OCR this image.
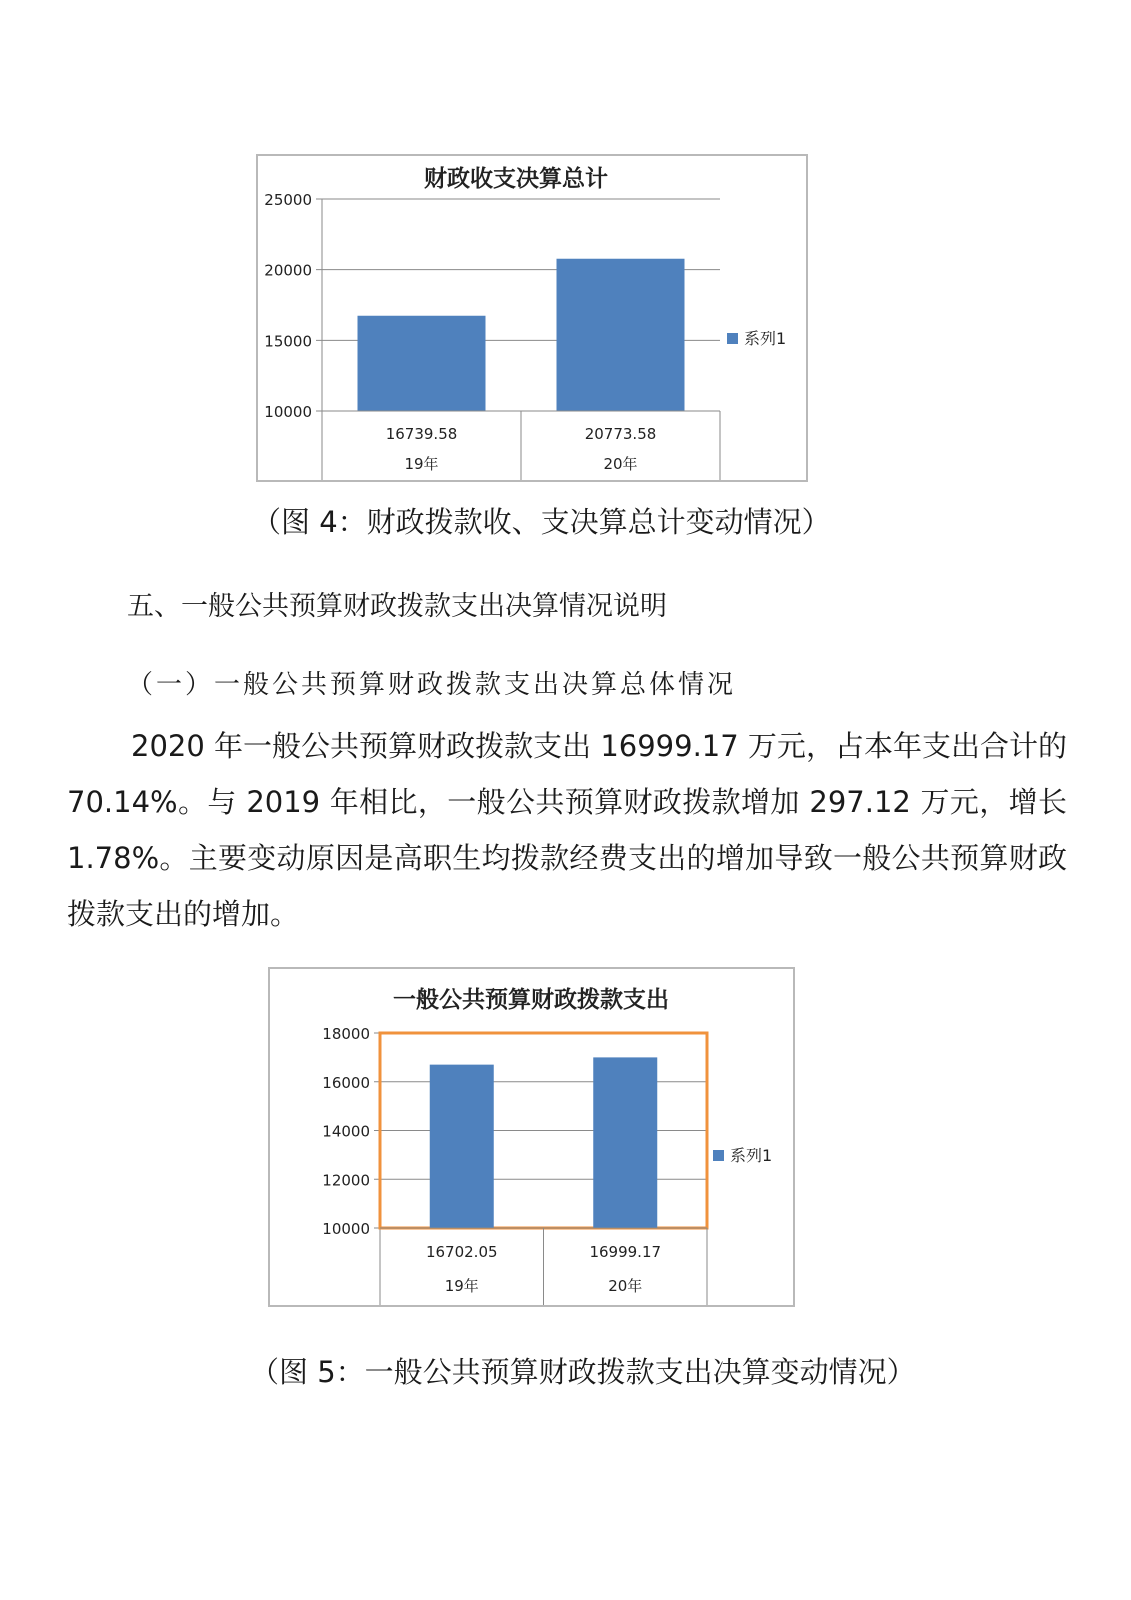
财政收支决算总计
25000
20000
15000
10000
16739.58
19年
20773.58
20年
系列1
（图 4：财政拨款收、支决算总计变动情况）
五、一般公共预算财政拨款支出决算情况说明
（一）一般公共预算财政拨款支出决算总体情况

2020 年一般公共预算财政拨款支出 16999.17 万元，占本年支出合计的 70.14%。与 2019 年相比，一般公共预算财政拨款增加 297.12 万元，增长 1.78%。主要变动原因是高职生均拨款经费支出的增加导致一般公共预算财政拨款支出的增加。

一般公共预算财政拨款支出
18000
16000
14000
12000
10000
16702.05
19年
16999.17
20年
系列1
（图 5：一般公共预算财政拨款支出决算变动情况）
